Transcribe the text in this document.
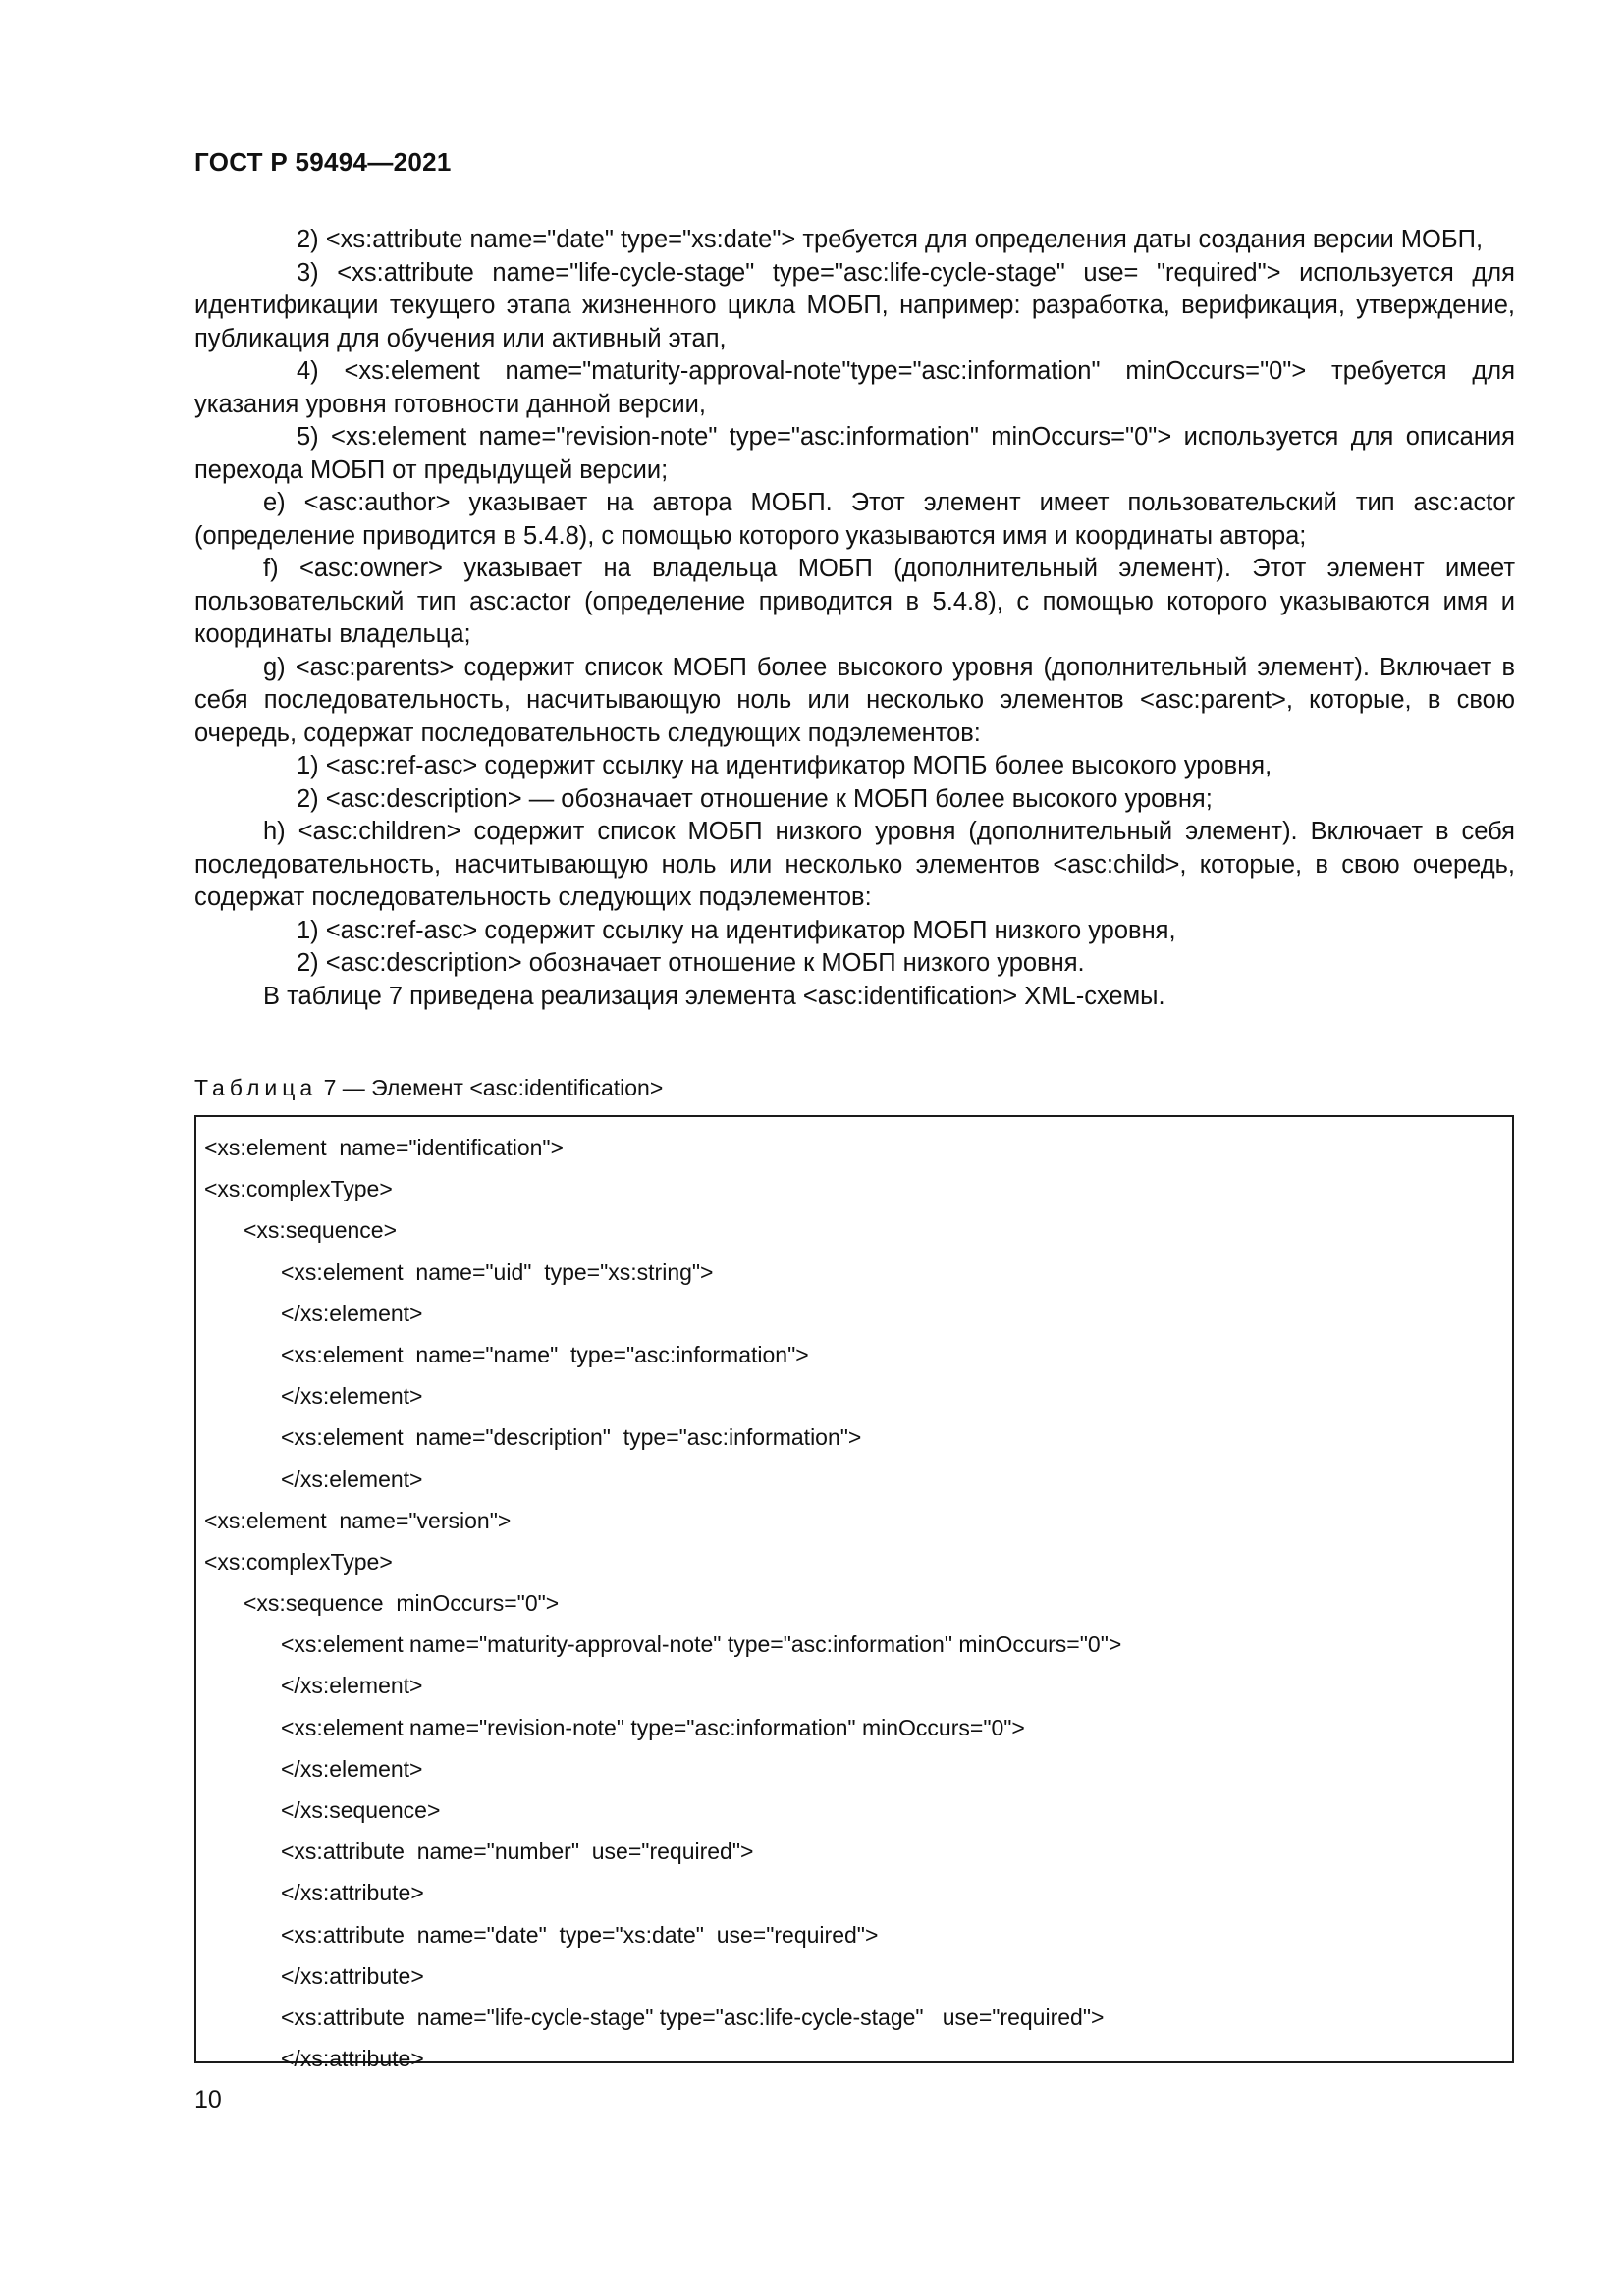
ГОСТ Р 59494—2021

2) <xs:attribute name="date" type="xs:date"> требуется для определения даты создания версии МОБП,

3) <xs:attribute name="life-cycle-stage" type="asc:life-cycle-stage" use= "required"> используется для идентификации текущего этапа жизненного цикла МОБП, например: разработка, верификация, утверждение, публикация для обучения или активный этап,

4) <xs:element name="maturity-approval-note"type="asc:information" minOccurs="0"> требуется для указания уровня готовности данной версии,

5) <xs:element name="revision-note" type="asc:information" minOccurs="0"> используется для описания перехода МОБП от предыдущей версии;

e) <asc:author> указывает на автора МОБП. Этот элемент имеет пользовательский тип asc:actor (определение приводится в 5.4.8), с помощью которого указываются имя и координаты автора;

f) <asc:owner> указывает на владельца МОБП (дополнительный элемент). Этот элемент имеет пользовательский тип asc:actor (определение приводится в 5.4.8), с помощью которого указываются имя и координаты владельца;

g) <asc:parents> содержит список МОБП более высокого уровня (дополнительный элемент). Включает в себя последовательность, насчитывающую ноль или несколько элементов <asc:parent>, которые, в свою очередь, содержат последовательность следующих подэлементов:

1) <asc:ref-asc> содержит ссылку на идентификатор МОПБ более высокого уровня,

2) <asc:description> — обозначает отношение к МОБП более высокого уровня;

h) <asc:children> содержит список МОБП низкого уровня (дополнительный элемент). Включает в себя последовательность, насчитывающую ноль или несколько элементов <asc:child>, которые, в свою очередь, содержат последовательность следующих подэлементов:

1) <asc:ref-asc> содержит ссылку на идентификатор МОБП низкого уровня,

2) <asc:description> обозначает отношение к МОБП низкого уровня.

В таблице 7 приведена реализация элемента <asc:identification> XML-схемы.

Таблица 7 — Элемент <asc:identification>
<xs:element  name="identification">
<xs:complexType>
<xs:sequence>
<xs:element  name="uid"  type="xs:string">
</xs:element>
<xs:element  name="name"  type="asc:information">
</xs:element>
<xs:element  name="description"  type="asc:information">
</xs:element>
<xs:element  name="version">
<xs:complexType>
<xs:sequence  minOccurs="0">
<xs:element name="maturity-approval-note" type="asc:information" minOccurs="0">
</xs:element>
<xs:element name="revision-note" type="asc:information" minOccurs="0">
</xs:element>
</xs:sequence>
<xs:attribute  name="number"  use="required">
</xs:attribute>
<xs:attribute  name="date"  type="xs:date"  use="required">
</xs:attribute>
<xs:attribute  name="life-cycle-stage" type="asc:life-cycle-stage"   use="required">
</xs:attribute>
10
